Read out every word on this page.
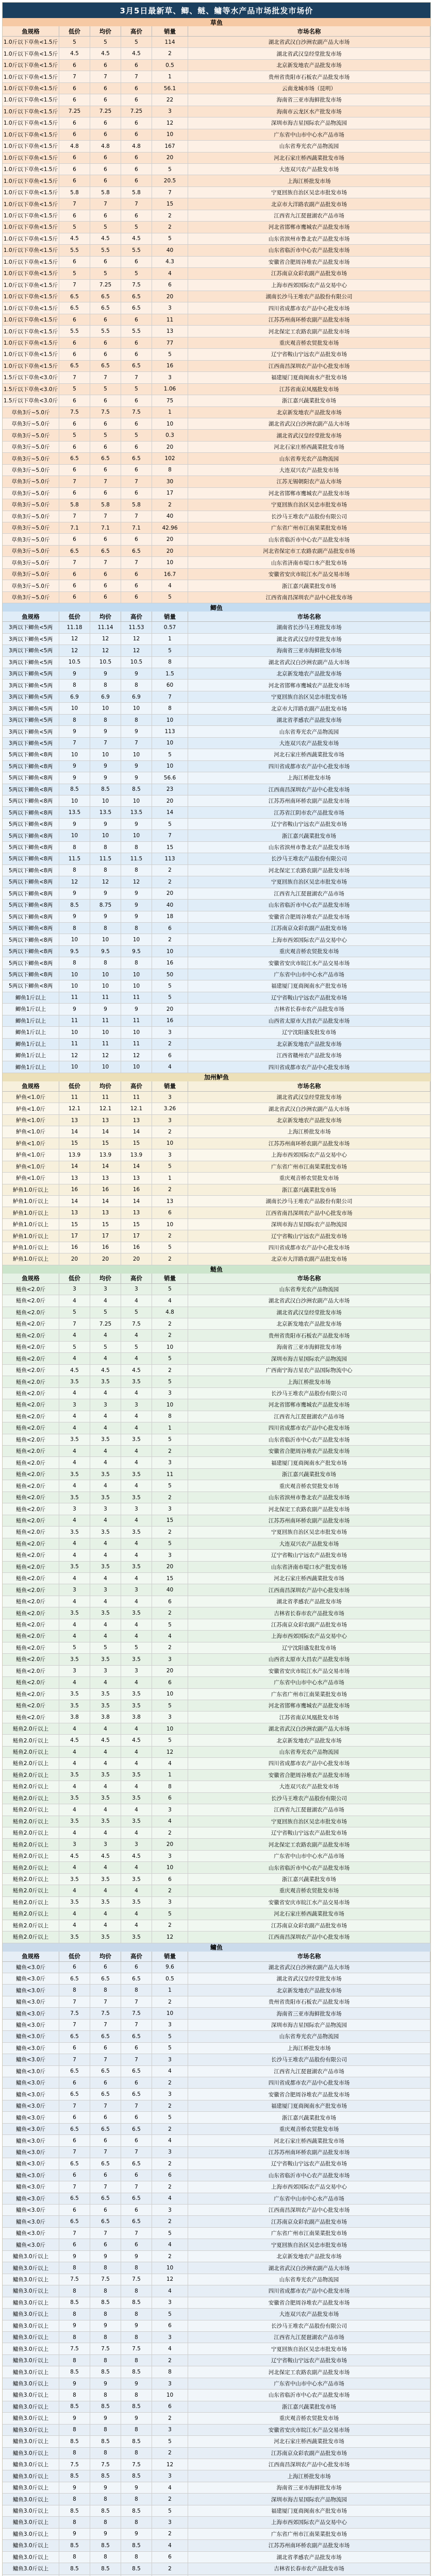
3月5日最新草、鲫、鲢、鳙等水产品市场批发市场价
草鱼
鱼规格	低价	均价	高价	销量	市场名称
1.0斤以下草鱼<1.5斤	5	5	5	114	湖北省武汉白沙洲农副产品大市场
1.0斤以下草鱼<1.5斤	4.5	4.5	4.5	2	湖北省武汉皇经堂批发市场
1.0斤以下草鱼<1.5斤	6	6	6	0.5	北京新发地农产品批发市场
1.0斤以下草鱼<1.5斤	7	7	7	1	贵州省贵阳市石板农产品批发市场
1.0斤以下草鱼<1.5斤	6	6	6	56.1	云南龙城市场（昆明）
1.0斤以下草鱼<1.5斤	6	6	6	22	海南省三亚市海鲜批发市场
1.0斤以下草鱼<1.5斤	7.25	7.25	7.25	3	海南市云龙区水产批发市场
1.0斤以下草鱼<1.5斤	6	6	6	12	深圳市海吉星国际农产品物流园
1.0斤以下草鱼<1.5斤	6	6	6	10	广东省中山市中心水产品市场
1.0斤以下草鱼<1.5斤	4.8	4.8	4.8	167	山东省寿光农产品物流园
1.0斤以下草鱼<1.5斤	6	6	6	20	河北石家庄桥西蔬菜批发市场
1.0斤以下草鱼<1.5斤	6	6	6	5	大连双兴农产品批发市场
1.0斤以下草鱼<1.5斤	6	6	6	20.5	上海江桥批发市场
1.0斤以下草鱼<1.5斤	5.8	5.8	5.8	7	宁夏回族自治区吴忠市批发市场
1.0斤以下草鱼<1.5斤	7	7	7	15	北京市大洋路农副产品批发市场
1.0斤以下草鱼<1.5斤	6	6	6	2	江西省九江琵琶湖农产品市场
1.0斤以下草鱼<1.5斤	5	5	5	2	河北省邯郸市鹰城农产品批发市场
1.0斤以下草鱼<1.5斤	4.5	4.5	4.5	5	山东省滨州市鲁北农产品批发市场
1.0斤以下草鱼<1.5斤	5.5	5.5	5.5	40	山东省临沂市中心农产品批发市场
1.0斤以下草鱼<1.5斤	6	6	6	4.3	安徽省合肥周谷堆农产品批发市场
1.0斤以下草鱼<1.5斤	5	5	5	4	江苏南京众彩农副产品批发市场
1.0斤以下草鱼<1.5斤	7	7.25	7.5	6	上海市西郊国际农产品交易中心
1.0斤以下草鱼<1.5斤	6.5	6.5	6.5	20	湖南长沙马王堆农产品股份有限公司
1.0斤以下草鱼<1.5斤	6.5	6.5	6.5	3	四川省成都市农产品中心批发市场
1.0斤以下草鱼<1.5斤	6	6	6	11	江苏苏州南环桥农副产品批发市场
1.0斤以下草鱼<1.5斤	5.5	5.5	5.5	13	河北保定工农路农副产品批发市场
1.0斤以下草鱼<1.5斤	6	6	6	77	重庆观音桥农贸批发市场
1.0斤以下草鱼<1.5斤	6	6	6	5	辽宁省鞍山宁远农产品批发市场
1.0斤以下草鱼<1.5斤	6.5	6.5	6.5	16	江西南昌深圳农产品中心批发市场
1.5斤以下草鱼<3.0斤	7	7	7	3	福建厦门夏商闽南水产批发市场
1.5斤以下草鱼<3.0斤	5	5	5	1.06	江苏省南京凤凰批发市场
1.5斤以下草鱼<3.0斤	6	6	6	75	浙江嘉兴蔬菜批发市场
草鱼3斤~5.0斤	7.5	7.5	7.5	1	北京新发地农产品批发市场
草鱼3斤~5.0斤	6	6	6	10	湖北省武汉白沙洲农副产品大市场
草鱼3斤~5.0斤	5	5	5	0.3	湖北省武汉皇经堂批发市场
草鱼3斤~5.0斤	6	6	6	20	河北石家庄桥西蔬菜批发市场
草鱼3斤~5.0斤	6.5	6.5	6.5	102	山东省寿光农产品物流园
草鱼3斤~5.0斤	6	6	6	8	大连双兴农产品批发市场
草鱼3斤~5.0斤	7	7	7	30	江苏无锡朝阳农产品大市场
草鱼3斤~5.0斤	6	6	6	17	河北省邯郸市鹰城农产品批发市场
草鱼3斤~5.0斤	5.8	5.8	5.8	2	宁夏回族自治区吴忠市批发市场
草鱼3斤~5.0斤	7	7	7	40	长沙马王堆农产品股份有限公司
草鱼3斤~5.0斤	7.1	7.1	7.1	42.96	广东省广州市江南果菜批发市场
草鱼3斤~5.0斤	6	6	6	20	山东省临沂市中心农产品批发市场
草鱼3斤~5.0斤	6.5	6.5	6.5	20	河北省保定市工农路农副产品批发市场
草鱼3斤~5.0斤	7	7	7	10	山东省济南市堤口水产批发市场
草鱼3斤~5.0斤	6	6	6	16.7	安徽省安庆市皖江水产品交易市场
草鱼3斤~5.0斤	6	6	6	4	浙江嘉兴蔬菜批发市场
草鱼3斤~5.0斤	6	6	6	5	江西省南昌深圳农产品中心批发市场
鲫鱼
鱼规格	低价	均价	高价	销量	市场名称
3两以下鲫鱼<5两	11.18	11.14	11.53	0.57	湖南省长沙马王堆批发市场
3两以下鲫鱼<5两	12	12	12	1	湖北省武汉皇经堂批发市场
3两以下鲫鱼<5两	12	12	12	5	海南省三亚市海鲜批发市场
3两以下鲫鱼<5两	10.5	10.5	10.5	8	湖北省武汉白沙洲农副产品大市场
3两以下鲫鱼<5两	9	9	9	1.5	北京新发地农产品批发市场
3两以下鲫鱼<5两	8	8	8	60	河北省邯郸市鹰城农产品批发市场
3两以下鲫鱼<5两	6.9	6.9	6.9	7	宁夏回族自治区吴忠市批发市场
3两以下鲫鱼<5两	10	10	10	8	北京市大洋路农副产品批发市场
3两以下鲫鱼<5两	8	8	8	10	湖北省孝感农产品批发市场
3两以下鲫鱼<5两	9	9	9	113	山东省寿光农产品物流园
3两以下鲫鱼<5两	7	7	7	10	大连双兴农产品批发市场
5两以下鲫鱼<8两	10	10	10	5	河北石家庄桥西蔬菜批发市场
5两以下鲫鱼<8两	9	9	9	10	四川省成都市农产品中心批发市场
5两以下鲫鱼<8两	9	9	9	56.6	上海江桥批发市场
5两以下鲫鱼<8两	8.5	8.5	8.5	23	江西南昌深圳农产品中心批发市场
5两以下鲫鱼<8两	10	10	10	20	江苏苏州南环桥农副产品批发市场
5两以下鲫鱼<8两	13.5	13.5	13.5	14	江苏省江阴市农产品批发市场
5两以下鲫鱼<8两	9	9	9	5	辽宁省鞍山宁远农产品批发市场
5两以下鲫鱼<8两	10	10	10	7	浙江嘉兴蔬菜批发市场
5两以下鲫鱼<8两	8	8	8	15	山东省滨州市鲁北农产品批发市场
5两以下鲫鱼<8两	11.5	11.5	11.5	113	长沙马王堆农产品股份有限公司
5两以下鲫鱼<8两	8	8	8	2	河北保定工农路农副产品批发市场
5两以下鲫鱼<8两	12	12	12	2	宁夏回族自治区吴忠市批发市场
5两以下鲫鱼<8两	9	9	9	20	江西省九江琵琶湖农产品市场
5两以下鲫鱼<8两	8.5	8.75	9	40	山东省临沂市中心农产品批发市场
5两以下鲫鱼<8两	9	9	9	18	安徽省合肥周谷堆农产品批发市场
5两以下鲫鱼<8两	8	8	8	6	江苏南京众彩农副产品批发市场
5两以下鲫鱼<8两	10	10	10	2	上海市西郊国际农产品交易中心
5两以下鲫鱼<8两	9.5	9.5	9.5	10	重庆观音桥农贸批发市场
5两以下鲫鱼<8两	8	8	8	16	安徽省安庆市皖江水产品交易市场
5两以下鲫鱼<8两	10	10	10	50	广东省中山市中心水产品市场
5两以下鲫鱼<8两	10	10	10	5	福建厦门夏商闽南水产批发市场
鲫鱼1斤以上	11	11	11	5	辽宁省鞍山宁远农产品批发市场
鲫鱼1斤以上	9	9	9	20	吉林省长春市农产品批发市场
鲫鱼1斤以上	11	11	11	16	山西省太原市大昌农产品批发市场
鲫鱼1斤以上	10	10	10	3	辽宁沈阳盛发批发市场
鲫鱼1斤以上	11	11	11	2	北京新发地农产品批发市场
鲫鱼1斤以上	12	12	12	6	江西省赣州农产品批发市场
鲫鱼1斤以上	10	10	10	4	四川省成都市农产品中心批发市场
加州鲈鱼
鱼规格	低价	均价	高价	销量	市场名称
鲈鱼<1.0斤	11	11	11	3	湖北省武汉皇经堂批发市场
鲈鱼<1.0斤	12.1	12.1	12.1	3.26	湖北省武汉白沙洲农副产品大市场
鲈鱼<1.0斤	13	13	13	3	北京新发地农产品批发市场
鲈鱼<1.0斤	14	14	14	2	上海江桥批发市场
鲈鱼<1.0斤	15	15	15	10	江苏苏州南环桥农副产品批发市场
鲈鱼<1.0斤	13.9	13.9	13.9	3	上海市西郊国际农产品交易中心
鲈鱼<1.0斤	14	14	14	5	广东省广州市江南果菜批发市场
鲈鱼<1.0斤	13	13	13	1	重庆观音桥农贸批发市场
鲈鱼1.0斤以上	16	16	16	2	浙江嘉兴蔬菜批发市场
鲈鱼1.0斤以上	14	14	14	13	湖南长沙马王堆农产品股份有限公司
鲈鱼1.0斤以上	13	13	13	6	江西省南昌深圳农产品中心批发市场
鲈鱼1.0斤以上	15	15	15	10	深圳市海吉星国际农产品物流园
鲈鱼1.0斤以上	17	17	17	2	辽宁省鞍山宁远农产品批发市场
鲈鱼1.0斤以上	16	16	16	5	四川省成都市农产品中心批发市场
鲈鱼1.0斤以上	20	20	20	2	北京市大洋路农副产品批发市场
鲢鱼
鱼规格	低价	均价	高价	销量	市场名称
鲢鱼<2.0斤	3	3	3	5	山东省寿光农产品物流园
鲢鱼<2.0斤	4	4	4	4	湖北省武汉白沙洲农副产品大市场
鲢鱼<2.0斤	5	5	5	4.8	湖北省武汉皇经堂批发市场
鲢鱼<2.0斤	7	7.25	7.5	2	北京新发地农产品批发市场
鲢鱼<2.0斤	4	4	4	2	贵州省贵阳市石板农产品批发市场
鲢鱼<2.0斤	5	5	5	10	海南省三亚市海鲜批发市场
鲢鱼<2.0斤	4	4	4	5	深圳市海吉星国际农产品物流园
鲢鱼<2.0斤	4.5	4.5	4.5	2	广西南宁海吉星农产品国际物流中心
鲢鱼<2.0斤	3.5	3.5	3.5	5	上海江桥批发市场
鲢鱼<2.0斤	4	4	4	3	长沙马王堆农产品股份有限公司
鲢鱼<2.0斤	3	3	3	10	河北省邯郸市鹰城农产品批发市场
鲢鱼<2.0斤	4	4	4	8	江西省九江琵琶湖农产品市场
鲢鱼<2.0斤	4	4	4	1	四川省成都市农产品中心批发市场
鲢鱼<2.0斤	3.5	3.5	3.5	5	山东省临沂市中心农产品批发市场
鲢鱼<2.0斤	4	4	4	2	安徽省合肥周谷堆农产品批发市场
鲢鱼<2.0斤	4	4	4	3	福建厦门夏商闽南水产批发市场
鲢鱼<2.0斤	3.5	3.5	3.5	11	浙江嘉兴蔬菜批发市场
鲢鱼<2.0斤	4	4	4	5	重庆观音桥农贸批发市场
鲢鱼<2.0斤	3.5	3.5	3.5	2	山东省滨州市鲁北农产品批发市场
鲢鱼<2.0斤	3	3	3	3	河北保定工农路农副产品批发市场
鲢鱼<2.0斤	4	4	4	15	江苏苏州南环桥农副产品批发市场
鲢鱼<2.0斤	3.5	3.5	3.5	2	宁夏回族自治区吴忠市批发市场
鲢鱼<2.0斤	4	4	4	5	大连双兴农产品批发市场
鲢鱼<2.0斤	4	4	4	3	辽宁省鞍山宁远农产品批发市场
鲢鱼<2.0斤	3.5	3.5	3.5	20	山东省济南市堤口水产批发市场
鲢鱼<2.0斤	4	4	4	15	河北石家庄桥西蔬菜批发市场
鲢鱼<2.0斤	3	3	3	40	江西南昌深圳农产品中心批发市场
鲢鱼<2.0斤	4	4	4	6	湖北省孝感农产品批发市场
鲢鱼<2.0斤	3.5	3.5	3.5	2	吉林省长春市农产品批发市场
鲢鱼<2.0斤	4	4	4	5	江苏南京众彩农副产品批发市场
鲢鱼<2.0斤	4	4	4	4	上海市西郊国际农产品交易中心
鲢鱼<2.0斤	5	5	5	2	辽宁沈阳盛发批发市场
鲢鱼<2.0斤	3.5	3.5	3.5	3	山西省太原市大昌农产品批发市场
鲢鱼<2.0斤	3	3	3	20	安徽省安庆市皖江水产品交易市场
鲢鱼<2.0斤	4	4	4	6	广东省中山市中心水产品市场
鲢鱼<2.0斤	3.5	3.5	3.5	10	广东省广州市江南果菜批发市场
鲢鱼<2.0斤	3.5	3.5	3.5	5	河北省邯郸市鹰城农产品批发市场
鲢鱼<2.0斤	3.8	3.8	3.8	3	江苏省南京凤凰批发市场
鲢鱼2.0斤以上	4	4	4	10	湖北省武汉白沙洲农副产品大市场
鲢鱼2.0斤以上	4.5	4.5	4.5	5	北京新发地农产品批发市场
鲢鱼2.0斤以上	4	4	4	12	山东省寿光农产品物流园
鲢鱼2.0斤以上	4	4	4	4	四川省成都市农产品中心批发市场
鲢鱼2.0斤以上	3.5	3.5	3.5	1	安徽省合肥周谷堆农产品批发市场
鲢鱼2.0斤以上	4	4	4	8	大连双兴农产品批发市场
鲢鱼2.0斤以上	3.5	3.5	3.5	6	长沙马王堆农产品股份有限公司
鲢鱼2.0斤以上	4	4	4	3	江西省九江琵琶湖农产品市场
鲢鱼2.0斤以上	3.5	3.5	3.5	4	宁夏回族自治区吴忠市批发市场
鲢鱼2.0斤以上	4	4	4	2	辽宁省鞍山宁远农产品批发市场
鲢鱼2.0斤以上	3	3	3	20	河北保定工农路农副产品批发市场
鲢鱼2.0斤以上	4.5	4.5	4.5	3	广东省中山市中心水产品市场
鲢鱼2.0斤以上	4	4	4	10	山东省临沂市中心农产品批发市场
鲢鱼2.0斤以上	3.5	3.5	3.5	6	浙江嘉兴蔬菜批发市场
鲢鱼2.0斤以上	4	4	4	2	重庆观音桥农贸批发市场
鲢鱼2.0斤以上	3.5	3.5	3.5	3	安徽省安庆市皖江水产品交易市场
鲢鱼2.0斤以上	4	4	4	5	河北石家庄桥西蔬菜批发市场
鲢鱼2.0斤以上	4	4	4	2	江苏南京众彩农副产品批发市场
鲢鱼2.0斤以上	3.5	3.5	3.5	12	江西南昌深圳农产品中心批发市场
鳙鱼
鱼规格	低价	均价	高价	销量	市场名称
鳙鱼<3.0斤	6	6	6	9.6	湖北省武汉白沙洲农副产品大市场
鳙鱼<3.0斤	6.5	6.5	6.5	0.5	湖北省武汉皇经堂批发市场
鳙鱼<3.0斤	8	8	8	1	北京新发地农产品批发市场
鳙鱼<3.0斤	7	7	7	2	贵州省贵阳市石板农产品批发市场
鳙鱼<3.0斤	7.5	7.5	7.5	10	海南省三亚市海鲜批发市场
鳙鱼<3.0斤	7	7	7	3	深圳市海吉星国际农产品物流园
鳙鱼<3.0斤	6.5	6.5	6.5	5	山东省寿光农产品物流园
鳙鱼<3.0斤	6	6	6	5	上海江桥批发市场
鳙鱼<3.0斤	7	7	7	3	长沙马王堆农产品股份有限公司
鳙鱼<3.0斤	6.5	6.5	6.5	4	江西省九江琵琶湖农产品市场
鳙鱼<3.0斤	6	6	6	2	四川省成都市农产品中心批发市场
鳙鱼<3.0斤	6.5	6.5	6.5	3	安徽省合肥周谷堆农产品批发市场
鳙鱼<3.0斤	7	7	7	2	福建厦门夏商闽南水产批发市场
鳙鱼<3.0斤	6	6	6	5	浙江嘉兴蔬菜批发市场
鳙鱼<3.0斤	6.5	6.5	6.5	2	重庆观音桥农贸批发市场
鳙鱼<3.0斤	6	6	6	4	河北石家庄桥西蔬菜批发市场
鳙鱼<3.0斤	7	7	7	3	江苏苏州南环桥农副产品批发市场
鳙鱼<3.0斤	6.5	6.5	6.5	2	辽宁省鞍山宁远农产品批发市场
鳙鱼<3.0斤	6	6	6	6	山东省临沂市中心农产品批发市场
鳙鱼<3.0斤	7	7	7	2	上海市西郊国际农产品交易中心
鳙鱼<3.0斤	6.5	6.5	6.5	4	广东省中山市中心水产品市场
鳙鱼<3.0斤	6	6	6	3	江西南昌深圳农产品中心批发市场
鳙鱼<3.0斤	6.5	6.5	6.5	2	江苏南京众彩农副产品批发市场
鳙鱼<3.0斤	7	7	7	5	广东省广州市江南果菜批发市场
鳙鱼<3.0斤	6	6	6	4	宁夏回族自治区吴忠市批发市场
鳙鱼3.0斤以上	9	9	9	2	北京新发地农产品批发市场
鳙鱼3.0斤以上	8	8	8	10	湖北省武汉白沙洲农副产品大市场
鳙鱼3.0斤以上	7.5	7.5	7.5	12	山东省寿光农产品物流园
鳙鱼3.0斤以上	8	8	8	4	四川省成都市农产品中心批发市场
鳙鱼3.0斤以上	8.5	8.5	8.5	3	安徽省合肥周谷堆农产品批发市场
鳙鱼3.0斤以上	8	8	8	5	大连双兴农产品批发市场
鳙鱼3.0斤以上	9	9	9	6	长沙马王堆农产品股份有限公司
鳙鱼3.0斤以上	8	8	8	3	江西省九江琵琶湖农产品市场
鳙鱼3.0斤以上	7.5	7.5	7.5	4	宁夏回族自治区吴忠市批发市场
鳙鱼3.0斤以上	8	8	8	2	辽宁省鞍山宁远农产品批发市场
鳙鱼3.0斤以上	8.5	8.5	8.5	8	河北保定工农路农副产品批发市场
鳙鱼3.0斤以上	9	9	9	3	广东省中山市中心水产品市场
鳙鱼3.0斤以上	8	8	8	10	山东省临沂市中心农产品批发市场
鳙鱼3.0斤以上	8.5	8.5	8.5	6	浙江嘉兴蔬菜批发市场
鳙鱼3.0斤以上	9	9	9	2	重庆观音桥农贸批发市场
鳙鱼3.0斤以上	8	8	8	3	安徽省安庆市皖江水产品交易市场
鳙鱼3.0斤以上	8.5	8.5	8.5	5	河北石家庄桥西蔬菜批发市场
鳙鱼3.0斤以上	8	8	8	2	江苏南京众彩农副产品批发市场
鳙鱼3.0斤以上	7.5	7.5	7.5	12	江西南昌深圳农产品中心批发市场
鳙鱼3.0斤以上	8.5	8.5	8.5	3	上海江桥批发市场
鳙鱼3.0斤以上	9	9	9	4	海南省三亚市海鲜批发市场
鳙鱼3.0斤以上	8	8	8	2	深圳市海吉星国际农产品物流园
鳙鱼3.0斤以上	8.5	8.5	8.5	5	福建厦门夏商闽南水产批发市场
鳙鱼3.0斤以上	8	8	8	3	上海市西郊国际农产品交易中心
鳙鱼3.0斤以上	9	9	9	2	广东省广州市江南果菜批发市场
鳙鱼3.0斤以上	8.5	8.5	8.5	4	江苏苏州南环桥农副产品批发市场
鳙鱼3.0斤以上	8	8	8	6	湖北省孝感农产品批发市场
鳙鱼3.0斤以上	8.5	8.5	8.5	2	吉林省长春市农产品批发市场
